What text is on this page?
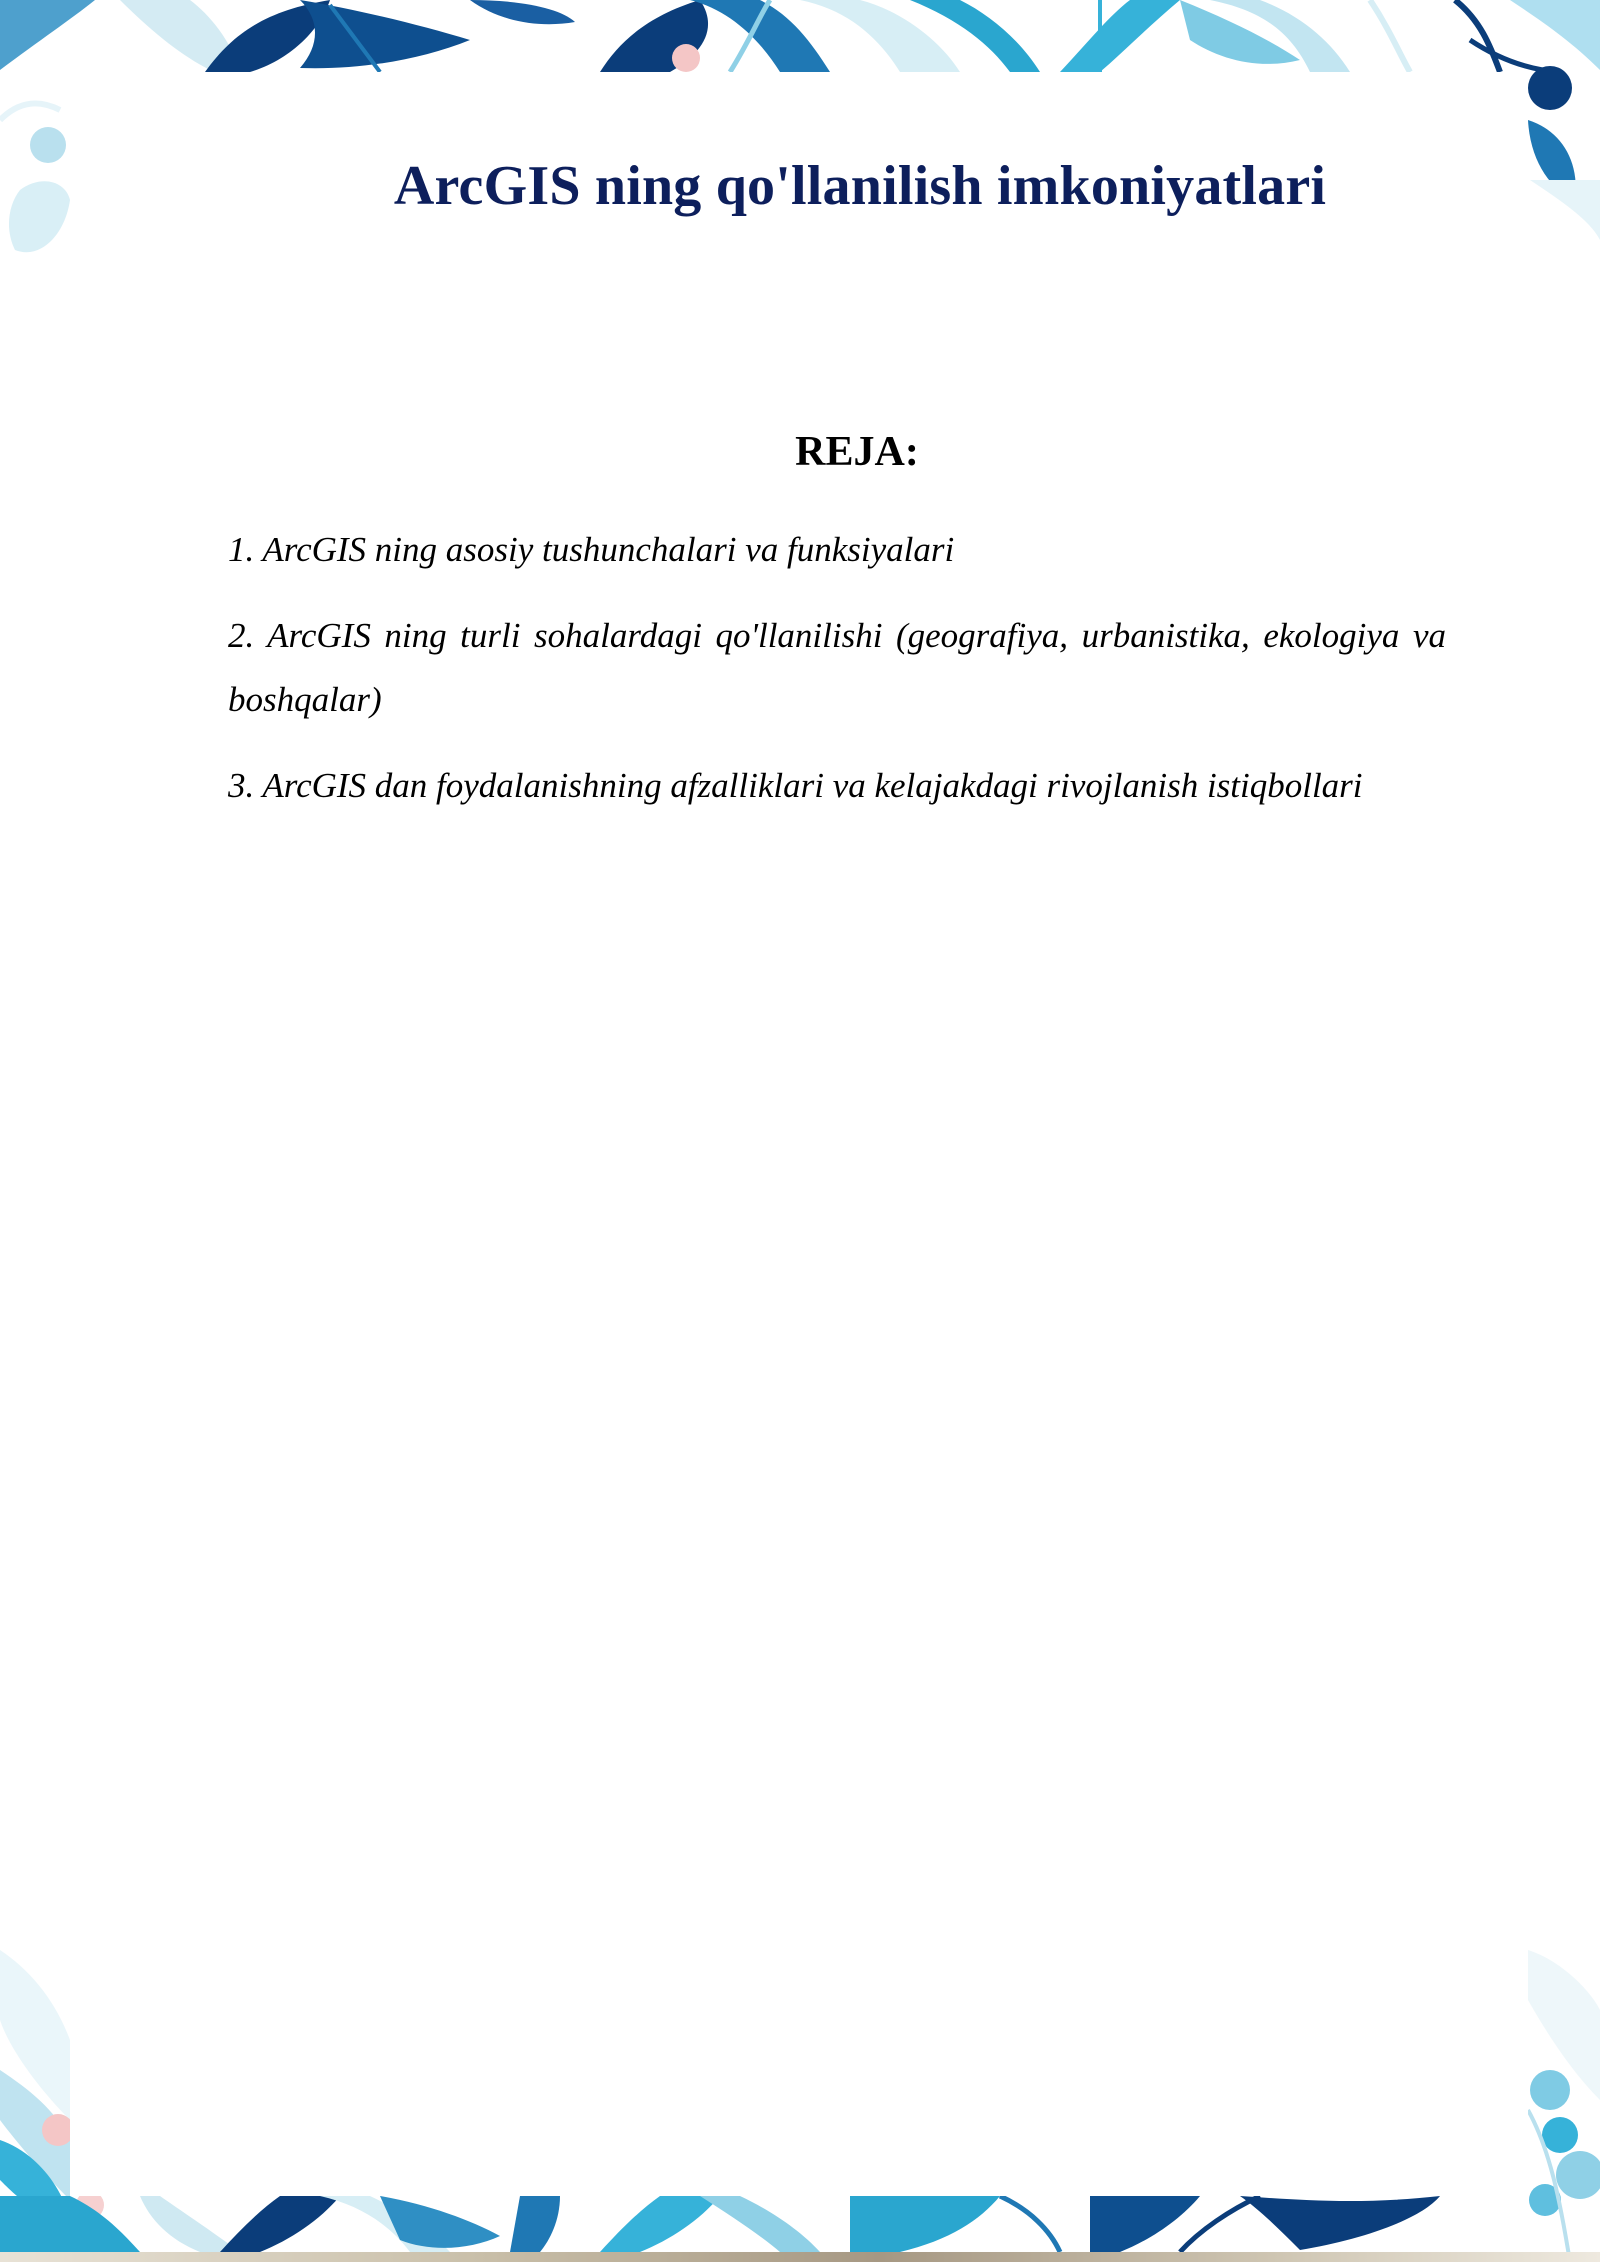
ArcGIS ning qo'llanilish imkoniyatlari
REJA:
1. ArcGIS ning asosiy tushunchalari va funksiyalari
2. ArcGIS ning turli sohalardagi qo'llanilishi (geografiya, urbanistika, ekologiya va boshqalar)
3. ArcGIS dan foydalanishning afzalliklari va kelajakdagi rivojlanish istiqbollari
